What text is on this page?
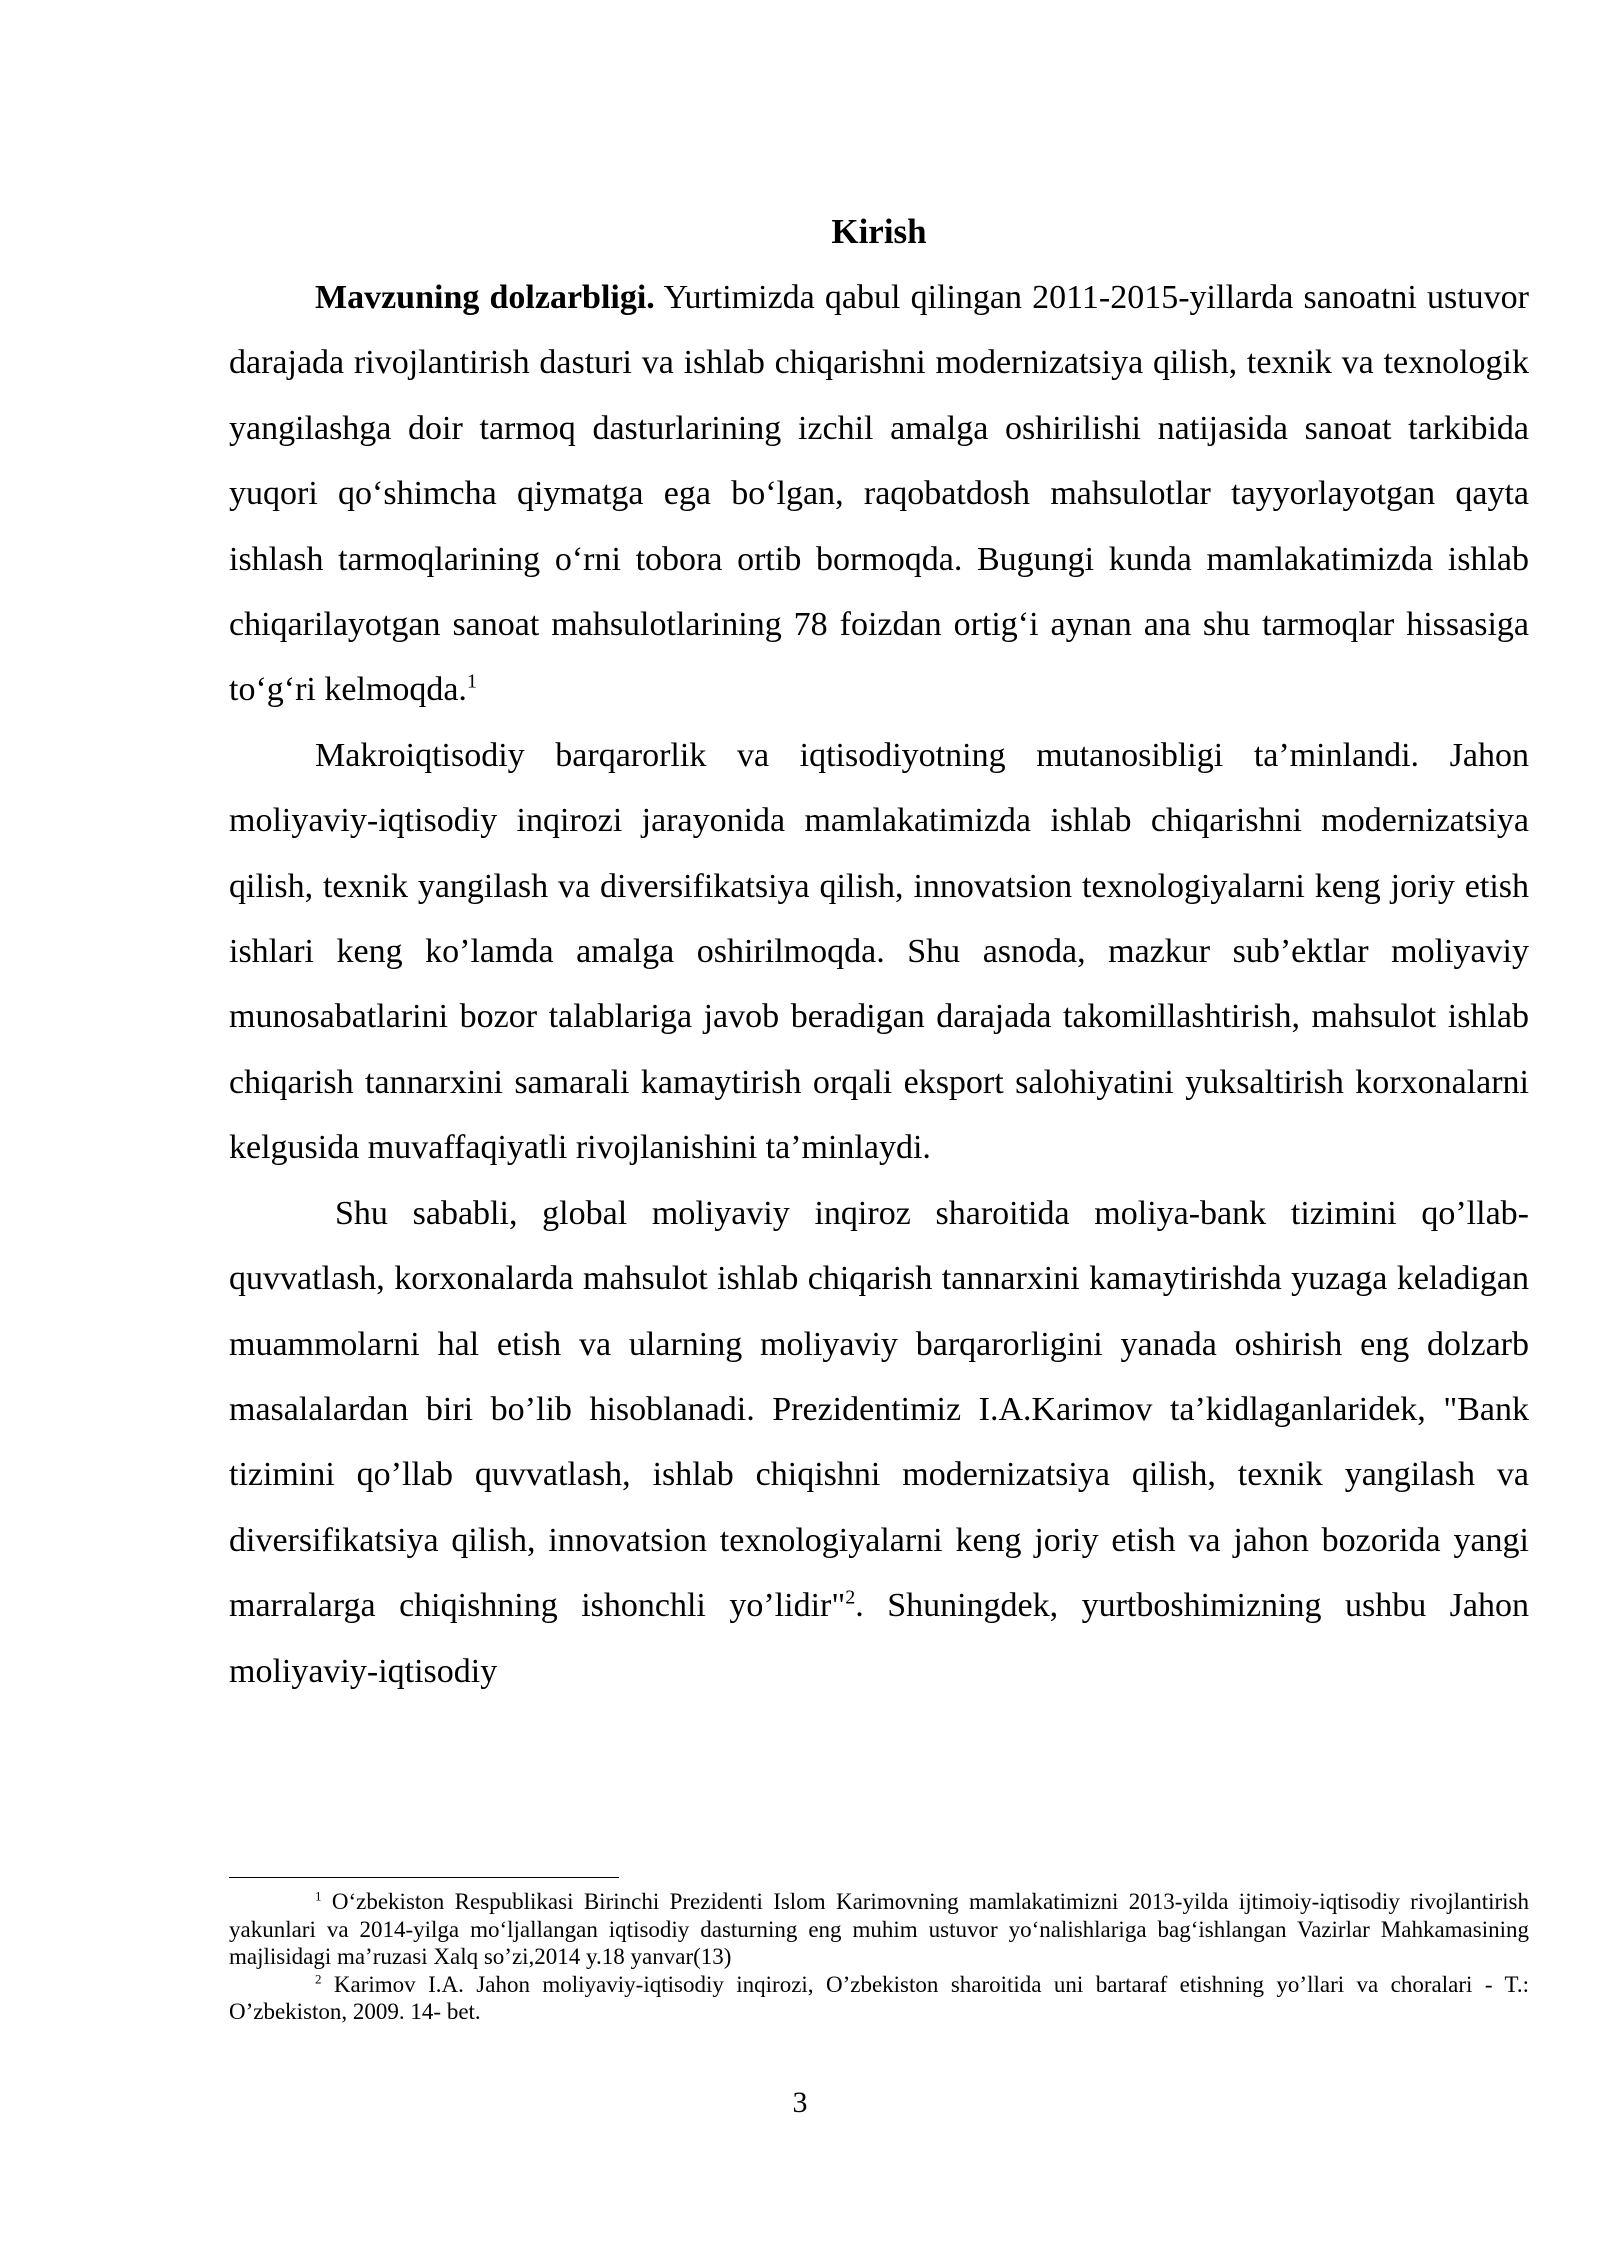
Kirish

Mavzuning dolzarbligi. Yurtimizda qabul qilingan 2011-2015-yillarda sanoatni ustuvor darajada rivojlantirish dasturi va ishlab chiqarishni modernizatsiya qilish, texnik va texnologik yangilashga doir tarmoq dasturlarining izchil amalga oshirilishi natijasida sanoat tarkibida yuqori qo‘shimcha qiymatga ega bo‘lgan, raqobatdosh mahsulotlar tayyorlayotgan qayta ishlash tarmoqlarining o‘rni tobora ortib bormoqda. Bugungi kunda mamlakatimizda ishlab chiqarilayotgan sanoat mahsulotlarining 78 foizdan ortig‘i aynan ana shu tarmoqlar hissasiga to‘g‘ri kelmoqda.$^1$

Makroiqtisodiy barqarorlik va iqtisodiyotning mutanosibligi ta’minlandi. Jahon moliyaviy-iqtisodiy inqirozi jarayonida mamlakatimizda ishlab chiqarishni modernizatsiya qilish, texnik yangilash va diversifikatsiya qilish, innovatsion texnologiyalarni keng joriy etish ishlari keng ko’lamda amalga oshirilmoqda. Shu asnoda, mazkur sub’ektlar moliyaviy munosabatlarini bozor talablariga javob beradigan darajada takomillashtirish, mahsulot ishlab chiqarish tannarxini samarali kamaytirish orqali eksport salohiyatini yuksaltirish korxonalarni kelgusida muvaffaqiyatli rivojlanishini ta’minlaydi.

Shu sababli, global moliyaviy inqiroz sharoitida moliya-bank tizimini qo’llab-quvvatlash, korxonalarda mahsulot ishlab chiqarish tannarxini kamaytirishda yuzaga keladigan muammolarni hal etish va ularning moliyaviy barqarorligini yanada oshirish eng dolzarb masalalardan biri bo’lib hisoblanadi. Prezidentimiz I.A.Karimov ta’kidlaganlaridek, "Bank tizimini qo’llab quvvatlash, ishlab chiqishni modernizatsiya qilish, texnik yangilash va diversifikatsiya qilish, innovatsion texnologiyalarni keng joriy etish va jahon bozorida yangi marralarga chiqishning ishonchli yo’lidir"$^2$. Shuningdek, yurtboshimizning ushbu Jahon moliyaviy-iqtisodiy

$^1$ O‘zbekiston Respublikasi Birinchi Prezidenti Islom Karimovning mamlakatimizni 2013-yilda ijtimoiy-iqtisodiy rivojlantirish yakunlari va 2014-yilga mo‘ljallangan iqtisodiy dasturning eng muhim ustuvor yo‘nalishlariga bag‘ishlangan Vazirlar Mahkamasining majlisidagi ma’ruzasi Xalq so’zi,2014 y.18 yanvar(13)

$^2$ Karimov I.A. Jahon moliyaviy-iqtisodiy inqirozi, O’zbekiston sharoitida uni bartaraf etishning yo’llari va choralari - T.: O’zbekiston, 2009. 14- bet.

3
